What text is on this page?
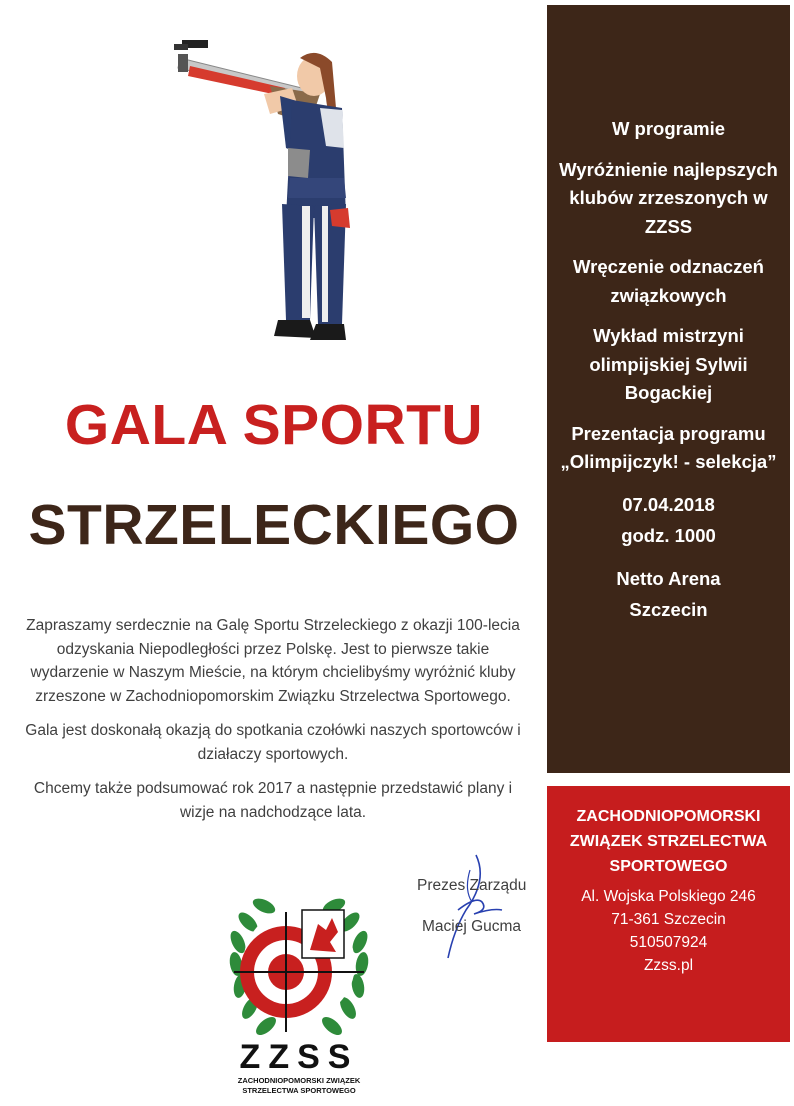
GALA SPORTU
STRZELECKIEGO

Zapraszamy serdecznie na Galę Sportu Strzeleckiego z okazji 100-lecia odzyskania Niepodległości przez Polskę. Jest to pierwsze takie wydarzenie w Naszym Mieście, na którym chcielibyśmy wyróżnić kluby zrzeszone w Zachodniopomorskim Związku Strzelectwa Sportowego.

Gala jest doskonałą okazją do spotkania czołówki naszych sportowców i działaczy sportowych.

Chcemy także podsumować rok 2017 a następnie przedstawić plany i wizje na nadchodzące lata.

ZZSS
ZACHODNIOPOMORSKI ZWIĄZEK
STRZELECTWA SPORTOWEGO
Prezes Zarządu
Maciej Gucma
W programie
Wyróżnienie najlepszych klubów zrzeszonych w ZZSS
Wręczenie odznaczeń związkowych
Wykład mistrzyni olimpijskiej Sylwii Bogackiej
Prezentacja programu „Olimpijczyk! - selekcja”
07.04.2018
godz. 1000
Netto Arena
Szczecin
ZACHODNIOPOMORSKI ZWIĄZEK STRZELECTWA SPORTOWEGO
Al. Wojska Polskiego 246
71-361 Szczecin
510507924
Zzss.pl
